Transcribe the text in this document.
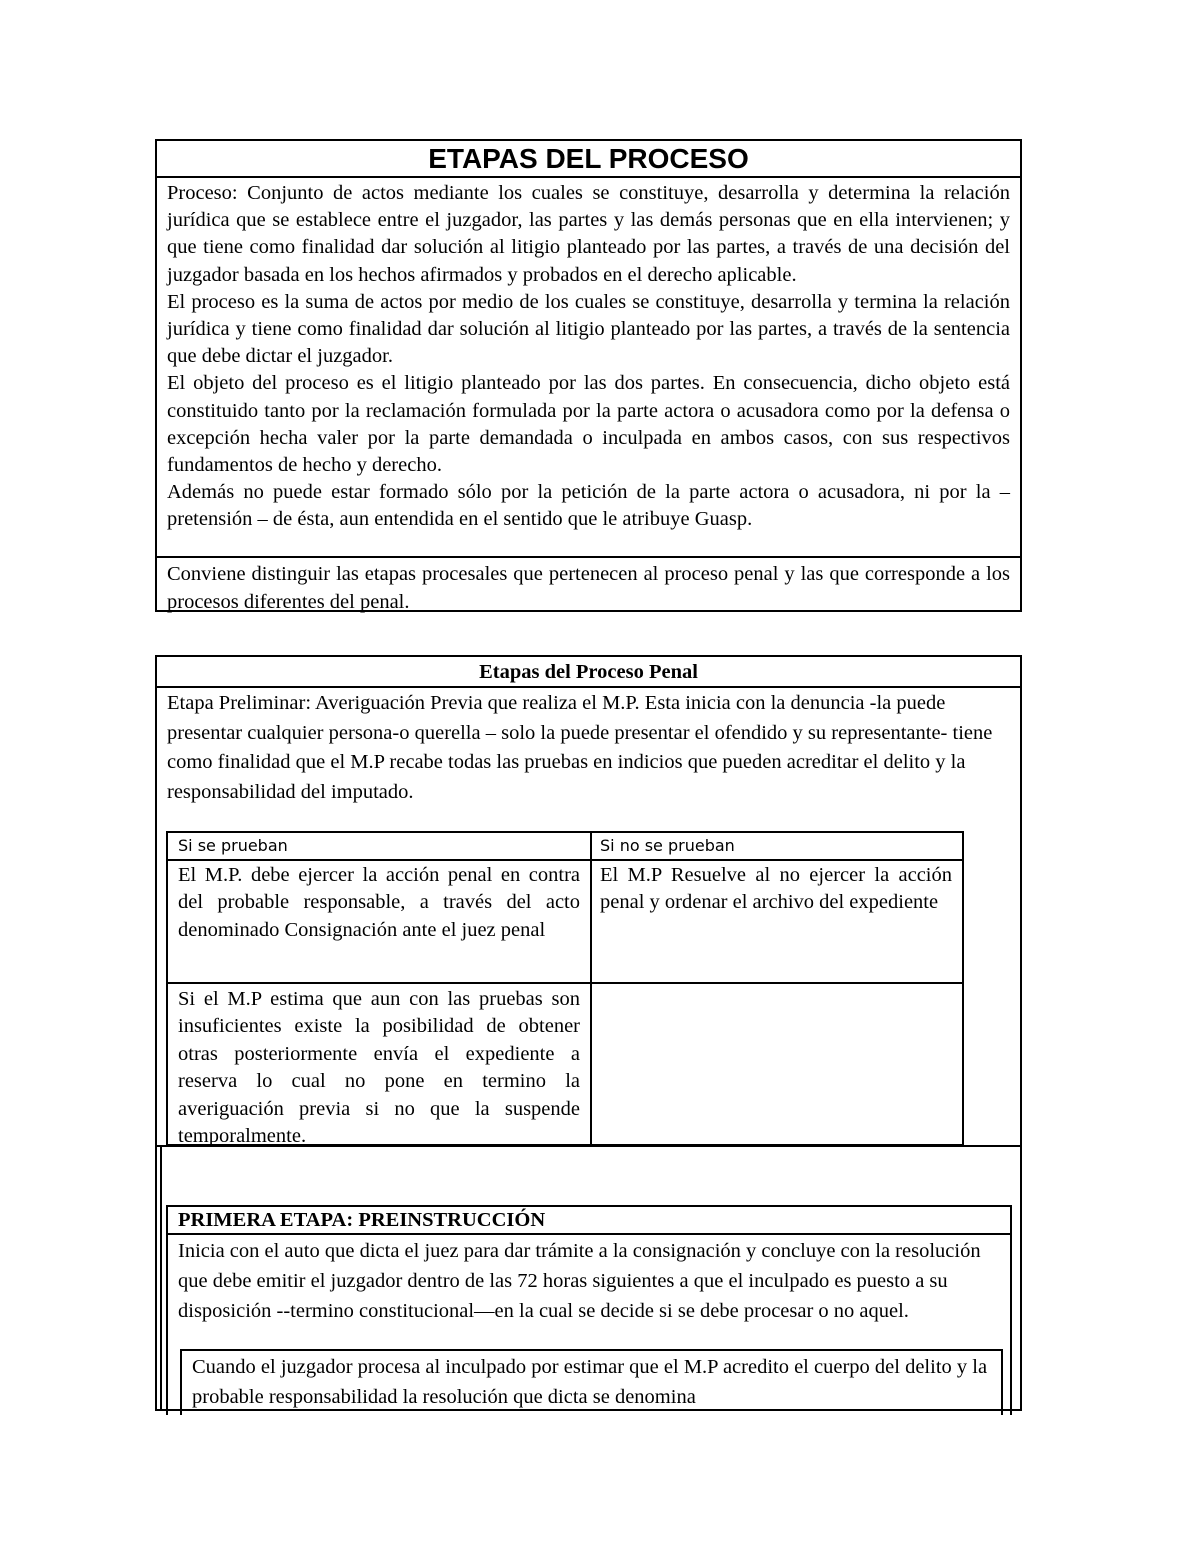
ETAPAS DEL PROCESO

Proceso: Conjunto de actos mediante los cuales se constituye, desarrolla y determina la relación jurídica que se establece entre el juzgador, las partes y las demás personas que en ella intervienen; y que tiene como finalidad dar solución al litigio planteado por las partes, a través de una decisión del juzgador basada en los hechos afirmados y probados en el derecho aplicable.

El proceso es la suma de actos por medio de los cuales se constituye, desarrolla y termina la relación jurídica y tiene como finalidad dar solución al litigio planteado por las partes, a través de la sentencia que debe dictar el juzgador.

El objeto del proceso es el litigio planteado por las dos partes. En consecuencia, dicho objeto está constituido tanto por la reclamación formulada por la parte actora o acusadora como por la defensa o excepción hecha valer por la parte demandada o inculpada en ambos casos, con sus respectivos fundamentos de hecho y derecho.

Además no puede estar formado sólo por la petición de la parte actora o acusadora, ni por la – pretensión – de ésta, aun entendida en el sentido que le atribuye Guasp.

Conviene distinguir las etapas procesales que pertenecen al proceso penal y las que corresponde a los procesos diferentes del penal.
Etapas del Proceso Penal
Etapa Preliminar: Averiguación Previa que realiza el M.P. Esta inicia con la denuncia -la puede presentar cualquier persona-o querella – solo la puede presentar el ofendido y su representante- tiene como finalidad que el M.P recabe todas las pruebas en indicios que pueden acreditar el delito y la responsabilidad del imputado.
Si se prueban	Si no se prueban
El M.P. debe ejercer la acción penal en contra del probable responsable, a través del acto denominado Consignación ante el juez penal
El M.P Resuelve al no ejercer la acción penal y ordenar el archivo del expediente
Si el M.P estima que aun con las pruebas son insuficientes existe la posibilidad de obtener otras posteriormente envía el expediente a reserva lo cual no pone en termino la averiguación previa si no que la suspende temporalmente.
PRIMERA ETAPA: PREINSTRUCCIÓN
Inicia con el auto que dicta el juez para dar trámite a la consignación y concluye con la resolución que debe emitir el juzgador dentro de las 72 horas siguientes a que el inculpado es puesto a su disposición --termino constitucional—en la cual se decide si se debe procesar o no aquel.
Cuando el juzgador procesa al inculpado por estimar que el M.P acredito el cuerpo del delito y la probable responsabilidad la resolución que dicta se denomina
